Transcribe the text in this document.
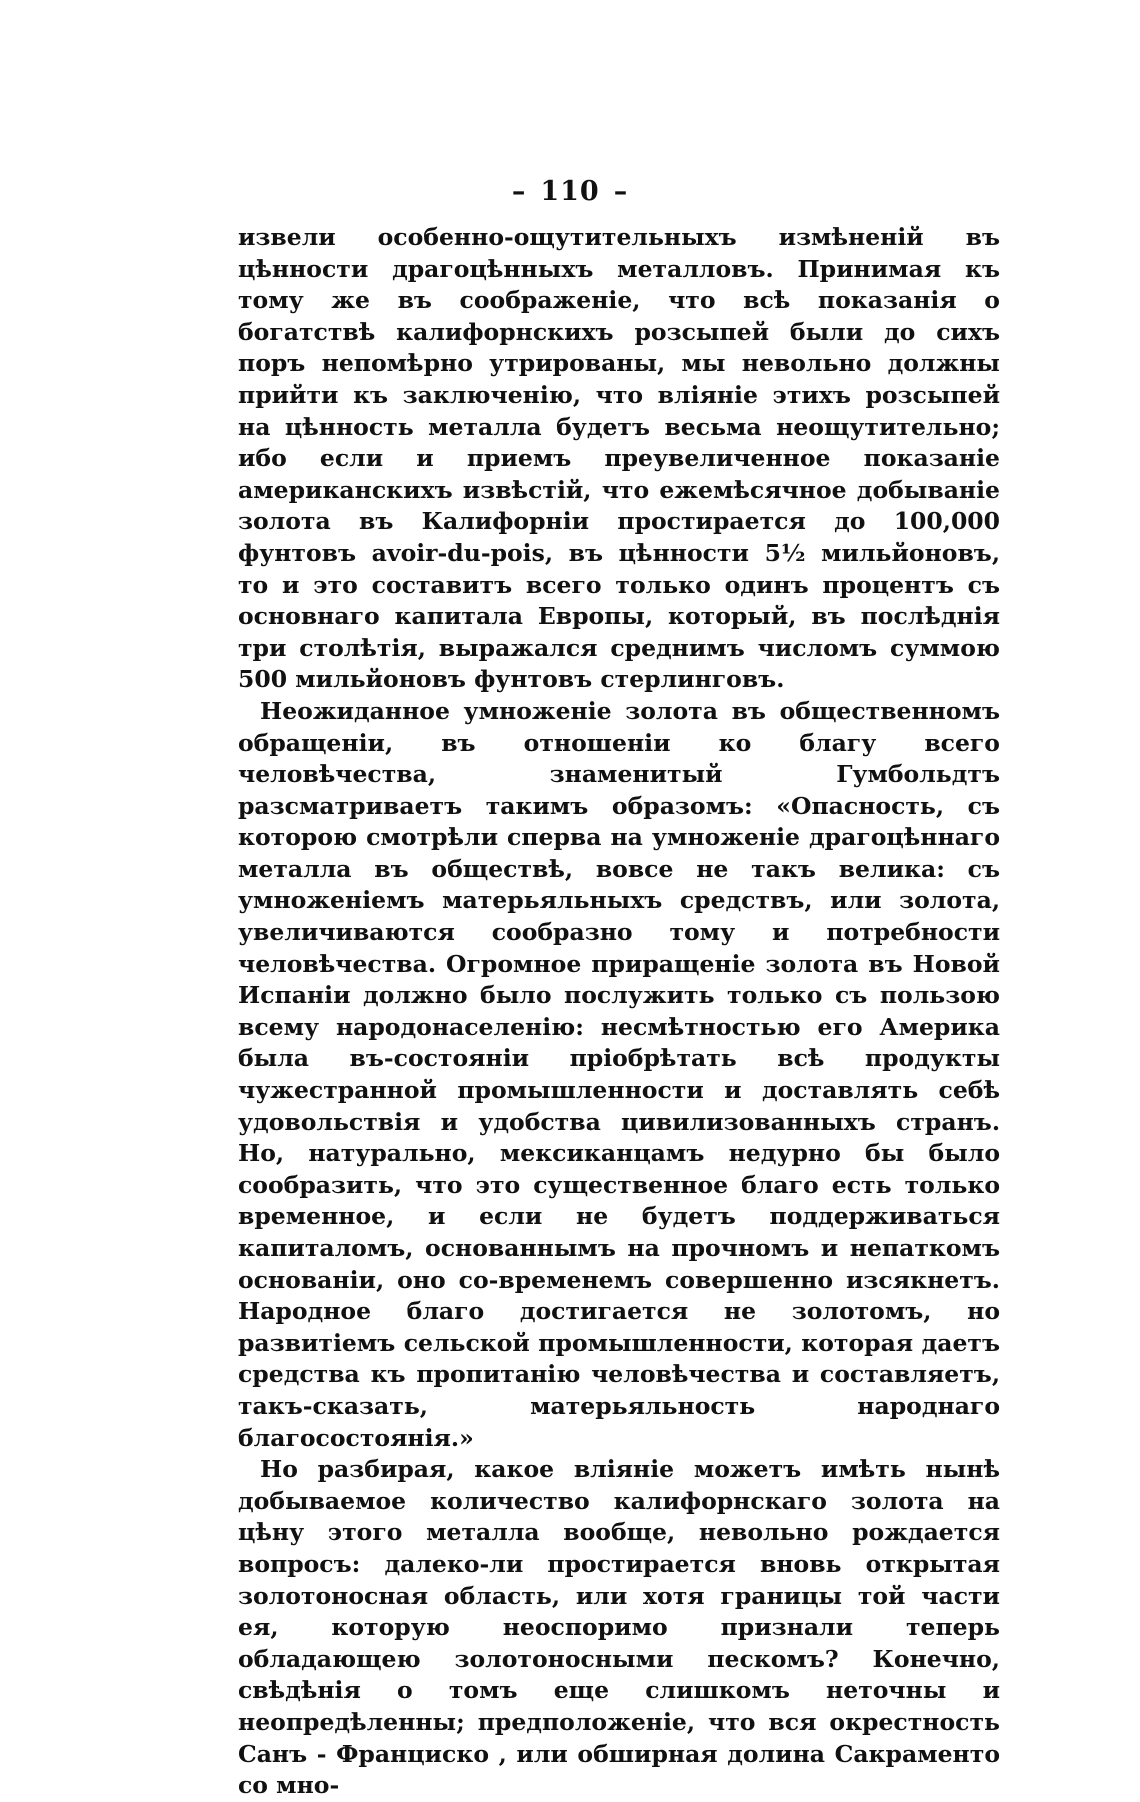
– 110 –

извели особенно-ощутительныхъ измѣненій въ цѣнности драгоцѣнныхъ металловъ. Принимая къ тому же въ соображеніе, что всѣ показанія о богатствѣ калифорнскихъ розсыпей были до сихъ поръ непомѣрно утрированы, мы невольно должны прийти къ заключенію, что вліяніе этихъ розсыпей на цѣнность металла будетъ весьма неощутительно; ибо если и приемъ преувеличенное показаніе американскихъ извѣстій, что ежемѣсячное добываніе золота въ Калифорніи простирается до 100,000 фунтовъ avoir-du-pois, въ цѣнности 5½ мильйоновъ, то и это составитъ всего только одинъ процентъ съ основнаго капитала Европы, который, въ послѣднія три столѣтія, выражался среднимъ числомъ суммою 500 мильйоновъ фунтовъ стерлинговъ.

Неожиданное умноженіе золота въ общественномъ обращеніи, въ отношеніи ко благу всего человѣчества, знаменитый Гумбольдтъ разсматриваетъ такимъ образомъ: «Опасность, съ которою смотрѣли сперва на умноженіе драгоцѣннаго металла въ обществѣ, вовсе не такъ велика: съ умноженіемъ матерьяльныхъ средствъ, или золота, увеличиваются сообразно тому и потребности человѣчества. Огромное приращеніе золота въ Новой Испаніи должно было послужить только съ пользою всему народонаселенію: несмѣтностью его Америка была въ-состояніи пріобрѣтать всѣ продукты чужестранной промышленности и доставлять себѣ удовольствія и удобства цивилизованныхъ странъ. Но, натурально, мексиканцамъ недурно бы было сообразить, что это существенное благо есть только временное, и если не будетъ поддерживаться капиталомъ, основаннымъ на прочномъ и непаткомъ основаніи, оно со-временемъ совершенно изсякнетъ. Народное благо достигается не золотомъ, но развитіемъ сельской промышленности, которая даетъ средства къ пропитанію человѣчества и составляетъ, такъ-сказать, матерьяльность народнаго благосостоянія.»

Но разбирая, какое вліяніе можетъ имѣть нынѣ добываемое количество калифорнскаго золота на цѣну этого металла вообще, невольно рождается вопросъ: далеко-ли простирается вновь открытая золотоносная область, или хотя границы той части ея, которую неоспоримо признали теперь обладающею золотоносными пескомъ? Конечно, свѣдѣнія о томъ еще слишкомъ неточны и неопредѣленны; предположеніе, что вся окрестность Санъ - Франциско , или обширная долина Сакраменто со мно-
